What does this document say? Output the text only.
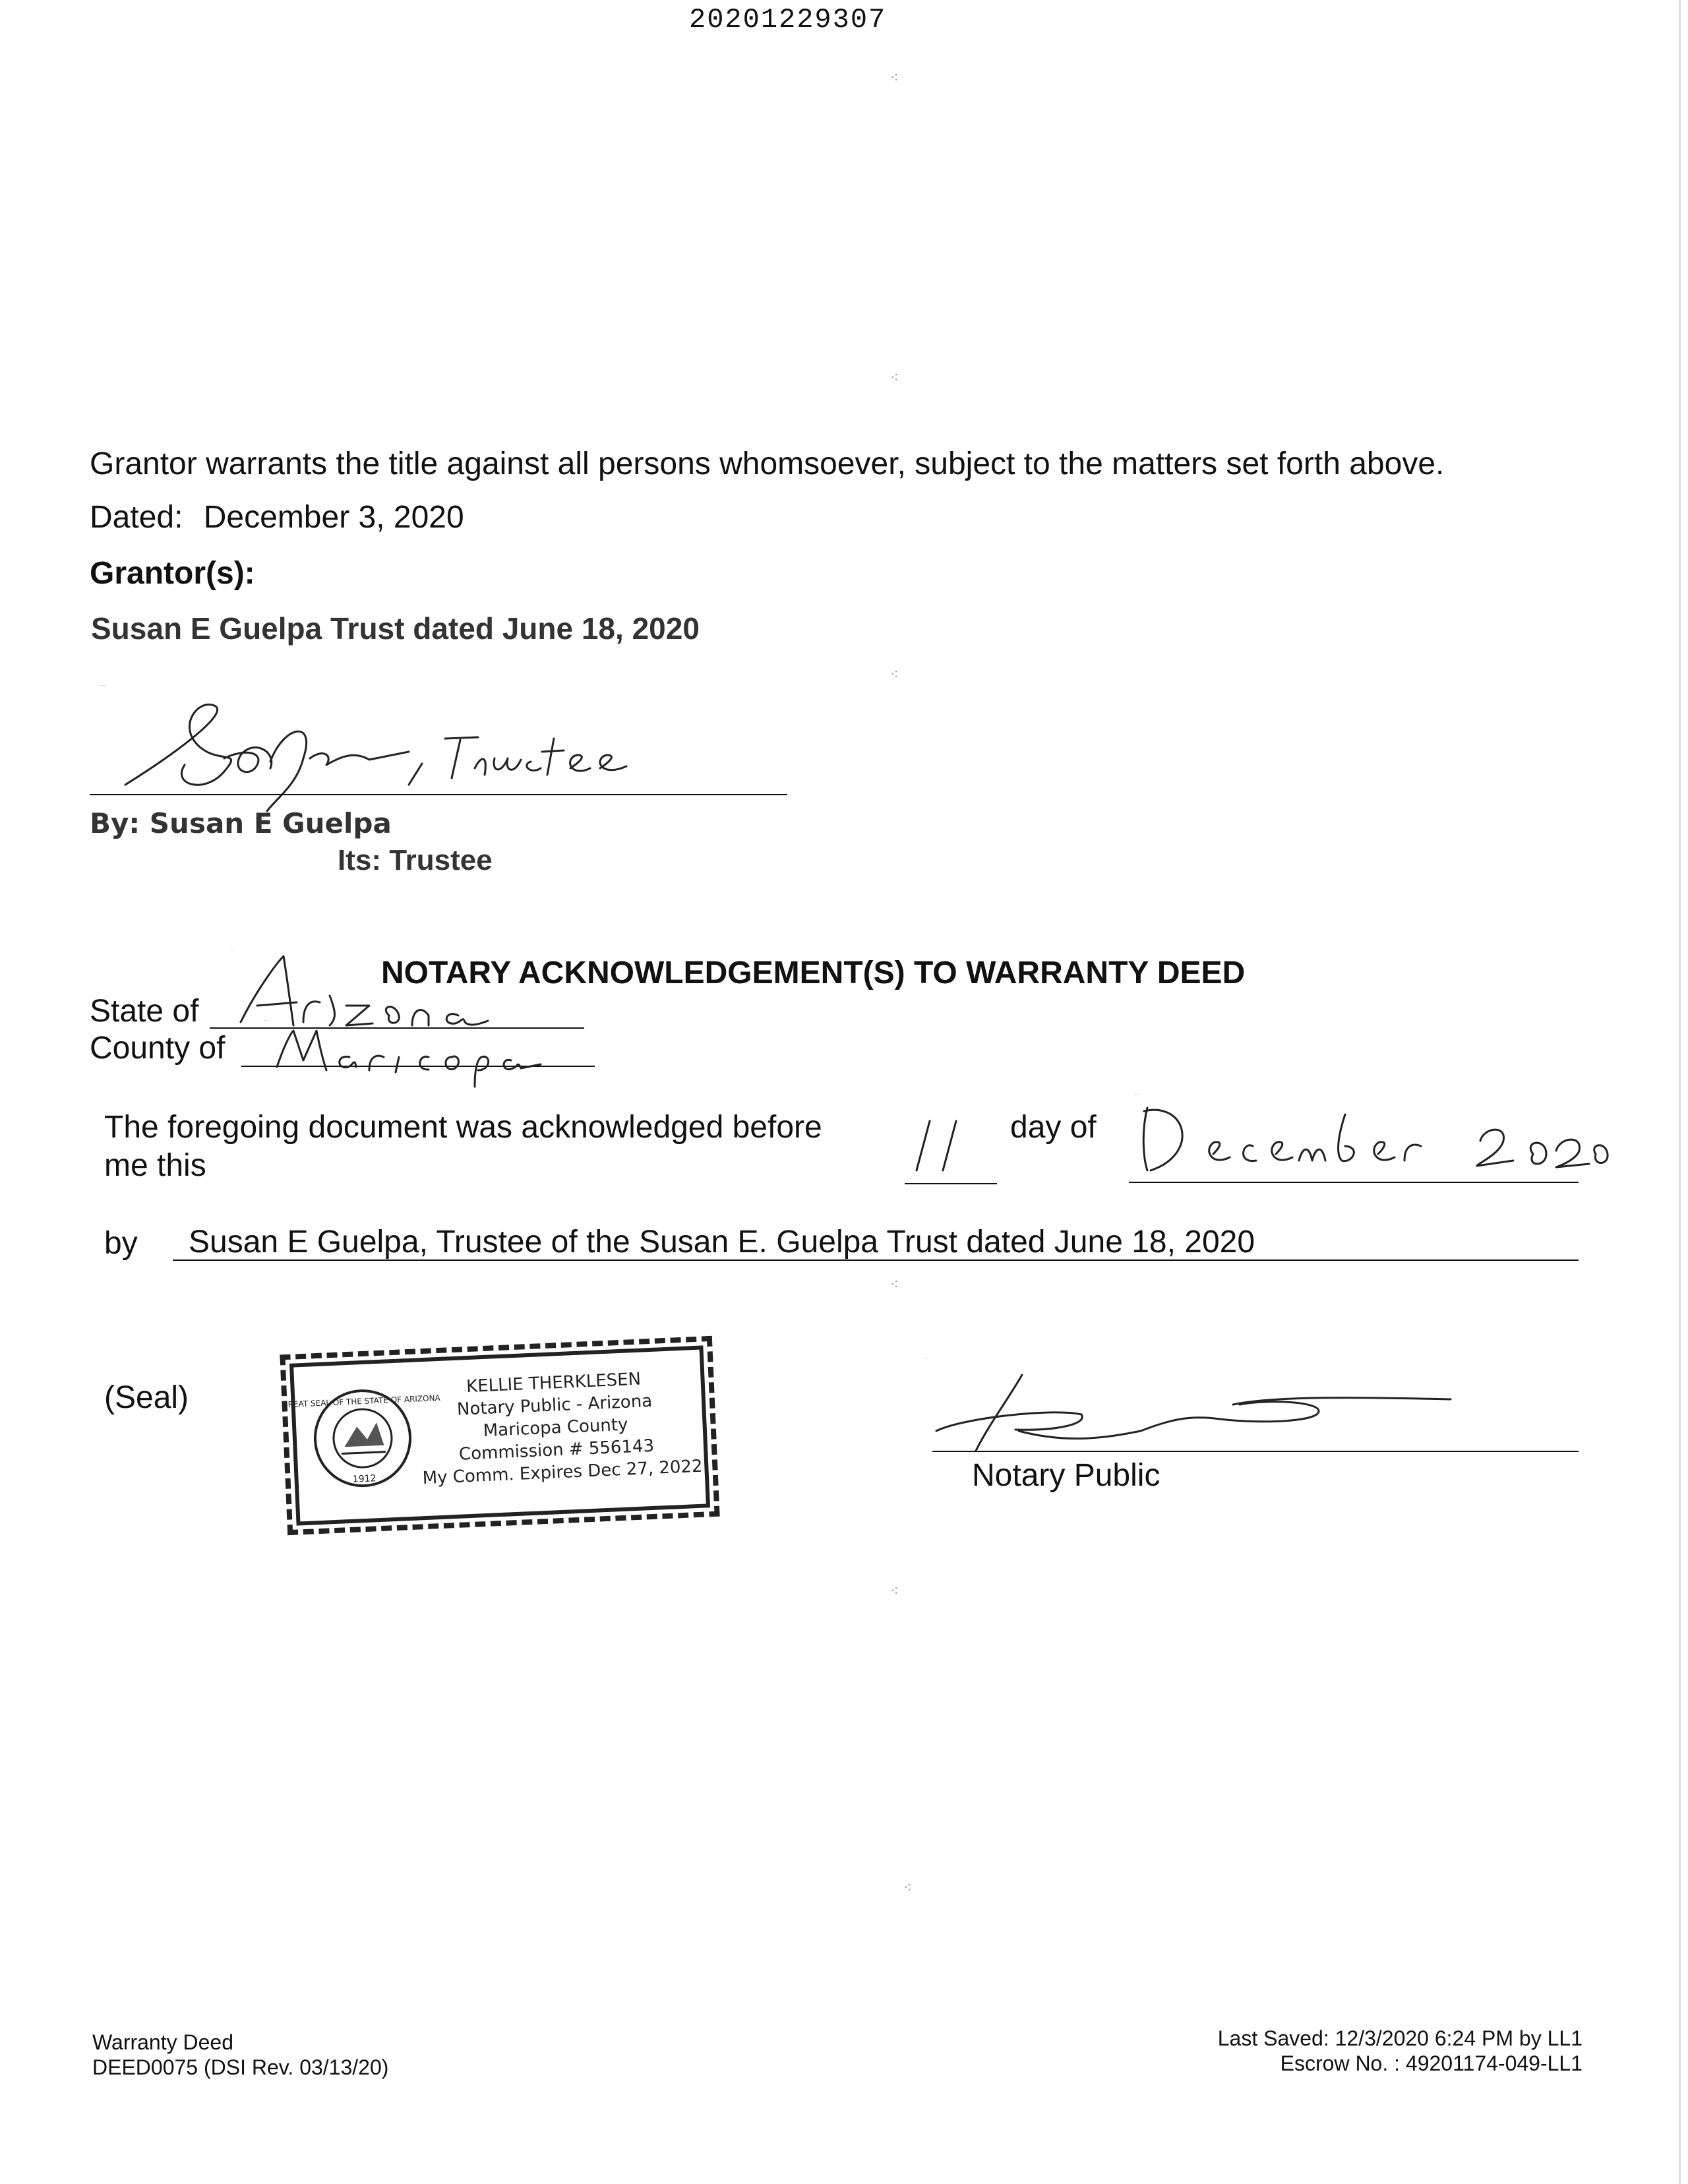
20201229307
⁖
⁖
⁖
⁖
⁖
⁖
Grantor warrants the title against all persons whomsoever, subject to the matters set forth above.
Dated: December 3, 2020
Grantor(s):
Susan E Guelpa Trust dated June 18, 2020
S E Guelpa, Trustee
By: Susan E Guelpa
Its: Trustee
NOTARY ACKNOWLEDGEMENT(S) TO WARRANTY DEED
State of
Arizona
County of
Maricopa
The foregoing document was acknowledged before
me this
11
day of
December 2020
by Susan E Guelpa, Trustee of the Susan E. Guelpa Trust dated June 18, 2020
(Seal)	GREAT SEAL OF THE STATE OF ARIZONA
1912
KELLIE THERKLESEN
Notary Public - Arizona
Maricopa County
Commission # 556143
My Comm. Expires Dec 27, 2022
Notary Public
Notary Public
Warranty Deed
DEED0075 (DSI Rev. 03/13/20)
Last Saved: 12/3/2020 6:24 PM by LL1
Escrow No. : 49201174-049-LL1
